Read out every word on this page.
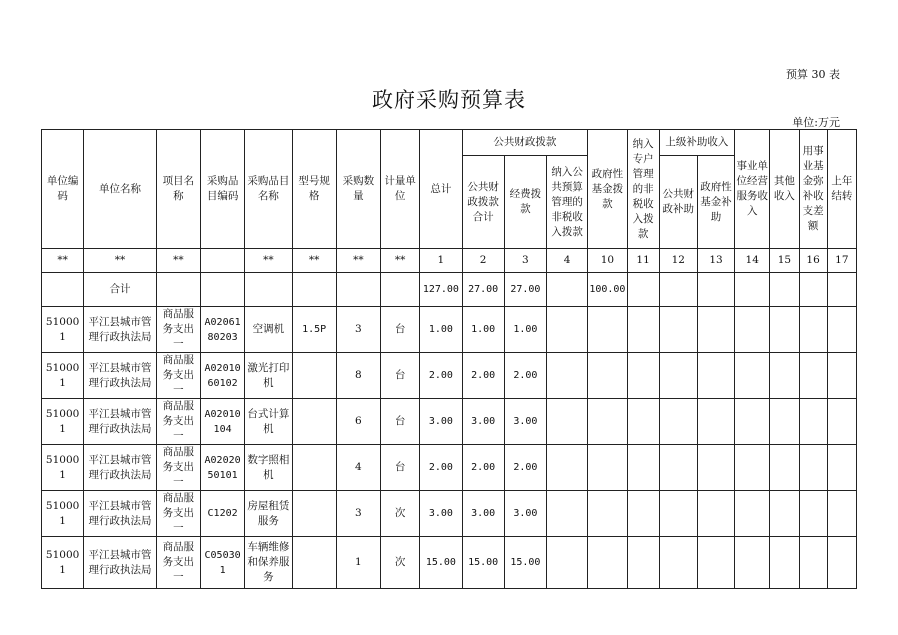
预算 30 表
政府采购预算表
单位:万元
单位编码	单位名称	项目名称	采购品目编码	采购品目名称	型号规格	采购数量	计量单位	总计	公共财政拨款			政府性基金拨款	纳入专户管理的非税收入拨款	上级补助收入		事业单位经营服务收入	其他收入	用事业基金弥补收支差额	上年结转
									公共财政拨款合计	经费拨款	纳入公共预算管理的非税收入拨款			公共财政补助	政府性基金补助				
**	**	**		**	**	**	**	1	2	3	4	10	11	12	13	14	15	16	17
	合计							127.00	27.00	27.00		100.00							
510001	平江县城市管理行政执法局	商品服务支出一	A0206180203	空调机	1.5P	3	台	1.00	1.00	1.00									
510001	平江县城市管理行政执法局	商品服务支出一	A0201060102	激光打印机		8	台	2.00	2.00	2.00									
510001	平江县城市管理行政执法局	商品服务支出一	A02010104	台式计算机		6	台	3.00	3.00	3.00									
510001	平江县城市管理行政执法局	商品服务支出一	A0202050101	数字照相机		4	台	2.00	2.00	2.00									
510001	平江县城市管理行政执法局	商品服务支出一	C1202	房屋租赁服务		3	次	3.00	3.00	3.00									
510001	平江县城市管理行政执法局	商品服务支出一	C050301	车辆维修和保养服务		1	次	15.00	15.00	15.00									
